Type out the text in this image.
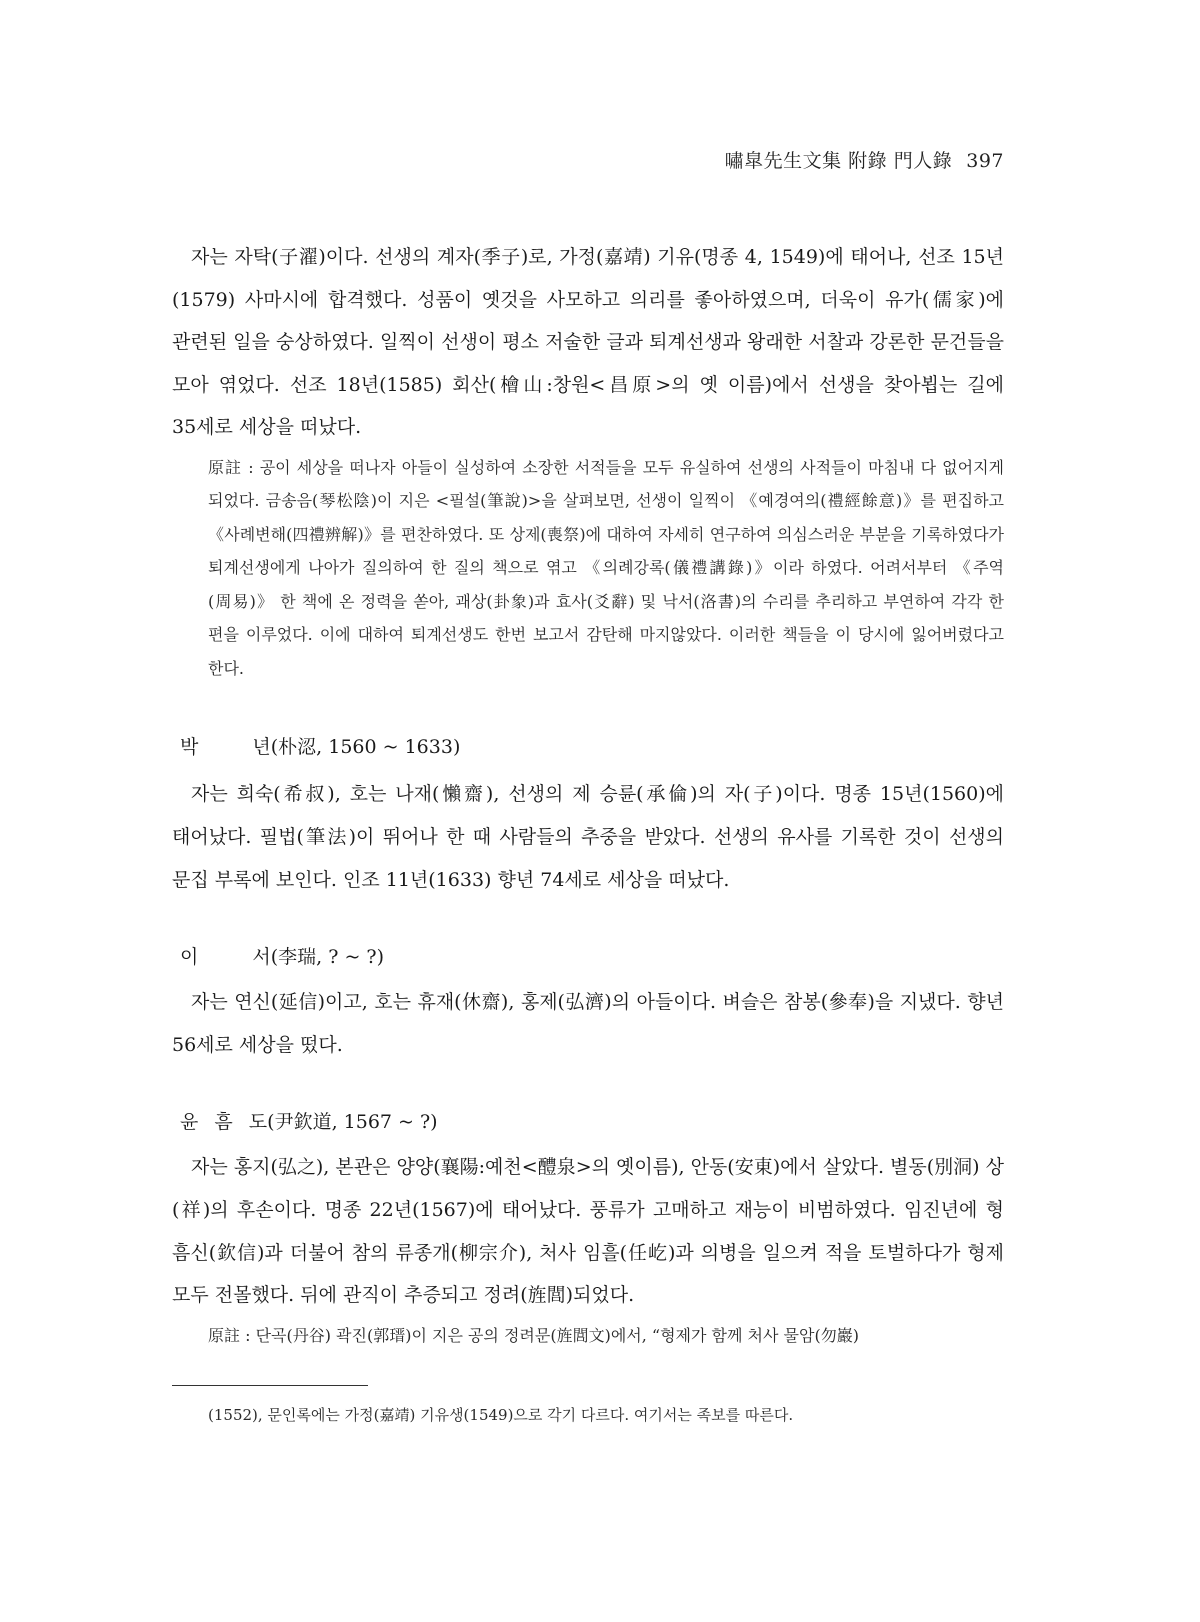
嘯皐先生文集 附錄 門人錄 397

자는 자탁(子濯)이다. 선생의 계자(季子)로, 가정(嘉靖) 기유(명종 4, 1549)에 태어나, 선조 15년(1579) 사마시에 합격했다. 성품이 옛것을 사모하고 의리를 좋아하였으며, 더욱이 유가(儒家)에 관련된 일을 숭상하였다. 일찍이 선생이 평소 저술한 글과 퇴계선생과 왕래한 서찰과 강론한 문건들을 모아 엮었다. 선조 18년(1585) 회산(檜山:창원<昌原>의 옛 이름)에서 선생을 찾아뵙는 길에 35세로 세상을 떠났다.

原註 : 공이 세상을 떠나자 아들이 실성하여 소장한 서적들을 모두 유실하여 선생의 사적들이 마침내 다 없어지게 되었다. 금송음(琴松陰)이 지은 <필설(筆說)>을 살펴보면, 선생이 일찍이 《예경여의(禮經餘意)》를 편집하고 《사례변해(四禮辨解)》를 편찬하였다. 또 상제(喪祭)에 대하여 자세히 연구하여 의심스러운 부분을 기록하였다가 퇴계선생에게 나아가 질의하여 한 질의 책으로 엮고 《의례강록(儀禮講錄)》이라 하였다. 어려서부터 《주역(周易)》 한 책에 온 정력을 쏟아, 괘상(卦象)과 효사(爻辭) 및 낙서(洛書)의 수리를 추리하고 부연하여 각각 한 편을 이루었다. 이에 대하여 퇴계선생도 한번 보고서 감탄해 마지않았다. 이러한 책들을 이 당시에 잃어버렸다고 한다.

박 년(朴涊, 1560 ~ 1633)

자는 희숙(希叔), 호는 나재(懶齋), 선생의 제 승륜(承倫)의 자(子)이다. 명종 15년(1560)에 태어났다. 필법(筆法)이 뛰어나 한 때 사람들의 추중을 받았다. 선생의 유사를 기록한 것이 선생의 문집 부록에 보인다. 인조 11년(1633) 향년 74세로 세상을 떠났다.

이 서(李瑞, ? ~ ?)

자는 연신(延信)이고, 호는 휴재(休齋), 홍제(弘濟)의 아들이다. 벼슬은 참봉(參奉)을 지냈다. 향년 56세로 세상을 떴다.

윤 흠 도(尹欽道, 1567 ~ ?)

자는 홍지(弘之), 본관은 양양(襄陽:예천<醴泉>의 옛이름), 안동(安東)에서 살았다. 별동(別洞) 상(祥)의 후손이다. 명종 22년(1567)에 태어났다. 풍류가 고매하고 재능이 비범하였다. 임진년에 형 흠신(欽信)과 더불어 참의 류종개(柳宗介), 처사 임흘(任屹)과 의병을 일으켜 적을 토벌하다가 형제 모두 전몰했다. 뒤에 관직이 추증되고 정려(旌閭)되었다.

原註 : 단곡(丹谷) 곽진(郭瑨)이 지은 공의 정려문(旌閭文)에서, “형제가 함께 처사 물암(勿巖)

(1552), 문인록에는 가정(嘉靖) 기유생(1549)으로 각기 다르다. 여기서는 족보를 따른다.
